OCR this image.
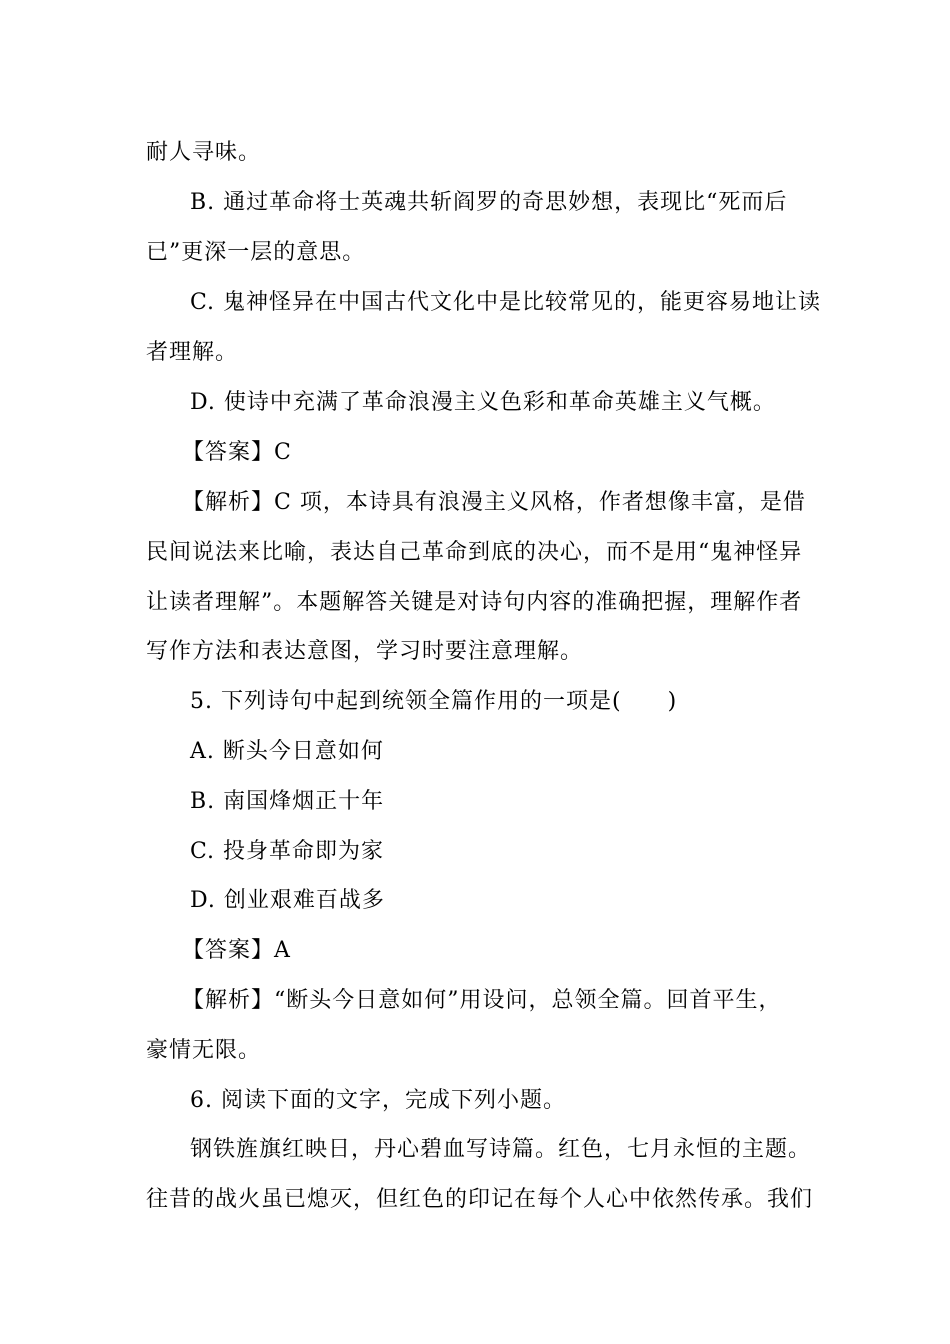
耐人寻味。
B. 通过革命将士英魂共斩阎罗的奇思妙想，表现比“死而后
已”更深一层的意思。
C. 鬼神怪异在中国古代文化中是比较常见的，能更容易地让读
者理解。
D. 使诗中充满了革命浪漫主义色彩和革命英雄主义气概。
【答案】C
【解析】C 项，本诗具有浪漫主义风格，作者想像丰富，是借
民间说法来比喻，表达自己革命到底的决心，而不是用“鬼神怪异
让读者理解”。本题解答关键是对诗句内容的准确把握，理解作者
写作方法和表达意图，学习时要注意理解。
5. 下列诗句中起到统领全篇作用的一项是(　　)
A. 断头今日意如何
B. 南国烽烟正十年
C. 投身革命即为家
D. 创业艰难百战多
【答案】A
【解析】“断头今日意如何”用设问，总领全篇。回首平生，
豪情无限。
6. 阅读下面的文字，完成下列小题。
钢铁旌旗红映日，丹心碧血写诗篇。红色，七月永恒的主题。
往昔的战火虽已熄灭，但红色的印记在每个人心中依然传承。我们
